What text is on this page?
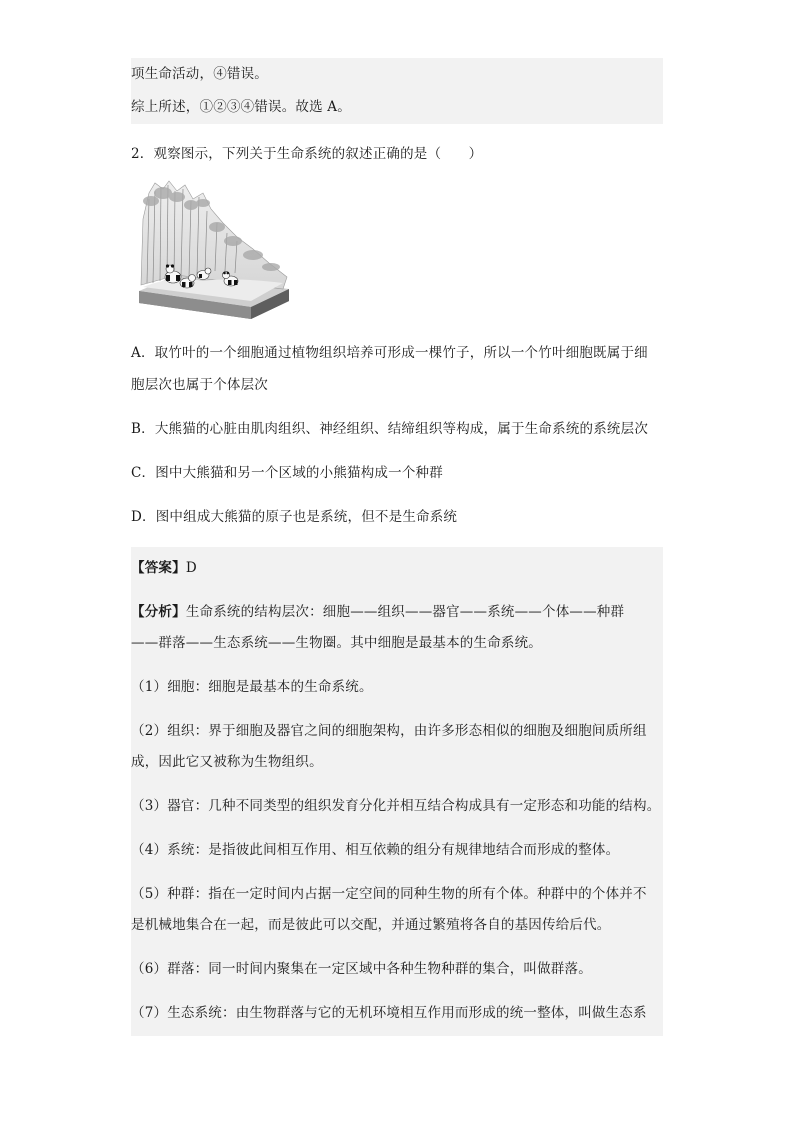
项生命活动，④错误。
综上所述，①②③④错误。故选 A。
2．观察图示，下列关于生命系统的叙述正确的是（　　）
A．取竹叶的一个细胞通过植物组织培养可形成一棵竹子，所以一个竹叶细胞既属于细
胞层次也属于个体层次
B．大熊猫的心脏由肌肉组织、神经组织、结缔组织等构成，属于生命系统的系统层次
C．图中大熊猫和另一个区域的小熊猫构成一个种群
D．图中组成大熊猫的原子也是系统，但不是生命系统
【答案】D
【分析】生命系统的结构层次：细胞——组织——器官——系统——个体——种群
——群落——生态系统——生物圈。其中细胞是最基本的生命系统。
（1）细胞：细胞是最基本的生命系统。
（2）组织：界于细胞及器官之间的细胞架构，由许多形态相似的细胞及细胞间质所组
成，因此它又被称为生物组织。
（3）器官：几种不同类型的组织发育分化并相互结合构成具有一定形态和功能的结构。
（4）系统：是指彼此间相互作用、相互依赖的组分有规律地结合而形成的整体。
（5）种群：指在一定时间内占据一定空间的同种生物的所有个体。种群中的个体并不
是机械地集合在一起，而是彼此可以交配，并通过繁殖将各自的基因传给后代。
（6）群落：同一时间内聚集在一定区域中各种生物种群的集合，叫做群落。
（7）生态系统：由生物群落与它的无机环境相互作用而形成的统一整体，叫做生态系
